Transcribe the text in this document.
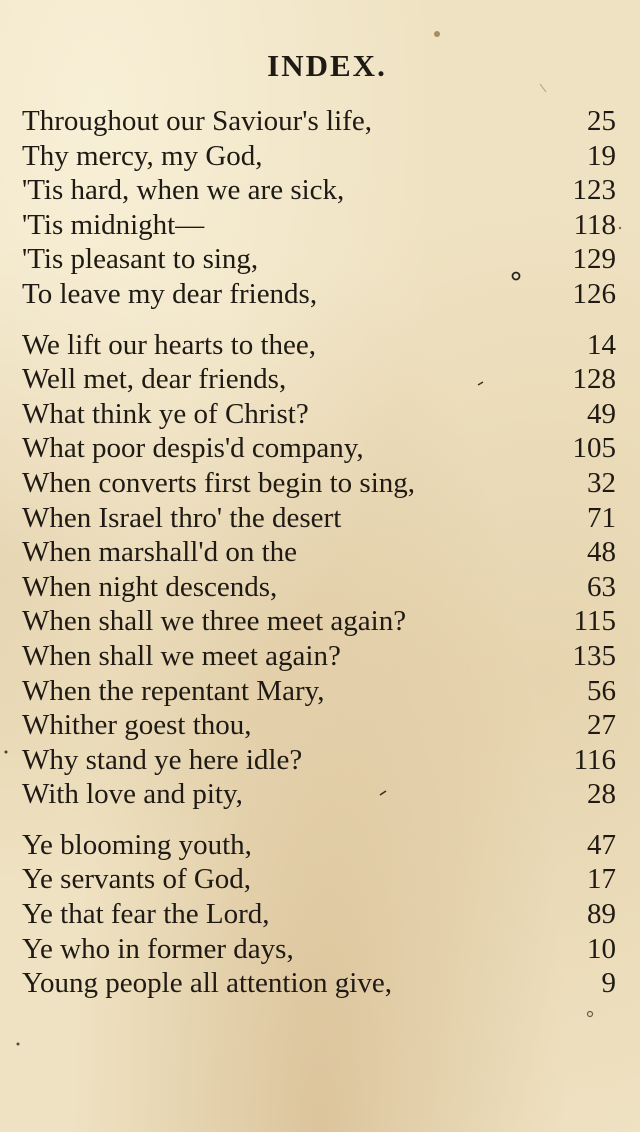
INDEX.
Throughout our Saviour's life,	25
Thy mercy, my God,	19
'Tis hard, when we are sick,	123
'Tis midnight—	118
'Tis pleasant to sing,	129
To leave my dear friends,	126
We lift our hearts to thee,	14
Well met, dear friends,	128
What think ye of Christ?	49
What poor despis'd company,	105
When converts first begin to sing,	32
When Israel thro' the desert	71
When marshall'd on the	48
When night descends,	63
When shall we three meet again?	115
When shall we meet again?	135
When the repentant Mary,	56
Whither goest thou,	27
Why stand ye here idle?	116
With love and pity,	28
Ye blooming youth,	47
Ye servants of God,	17
Ye that fear the Lord,	89
Ye who in former days,	10
Young people all attention give,	9
